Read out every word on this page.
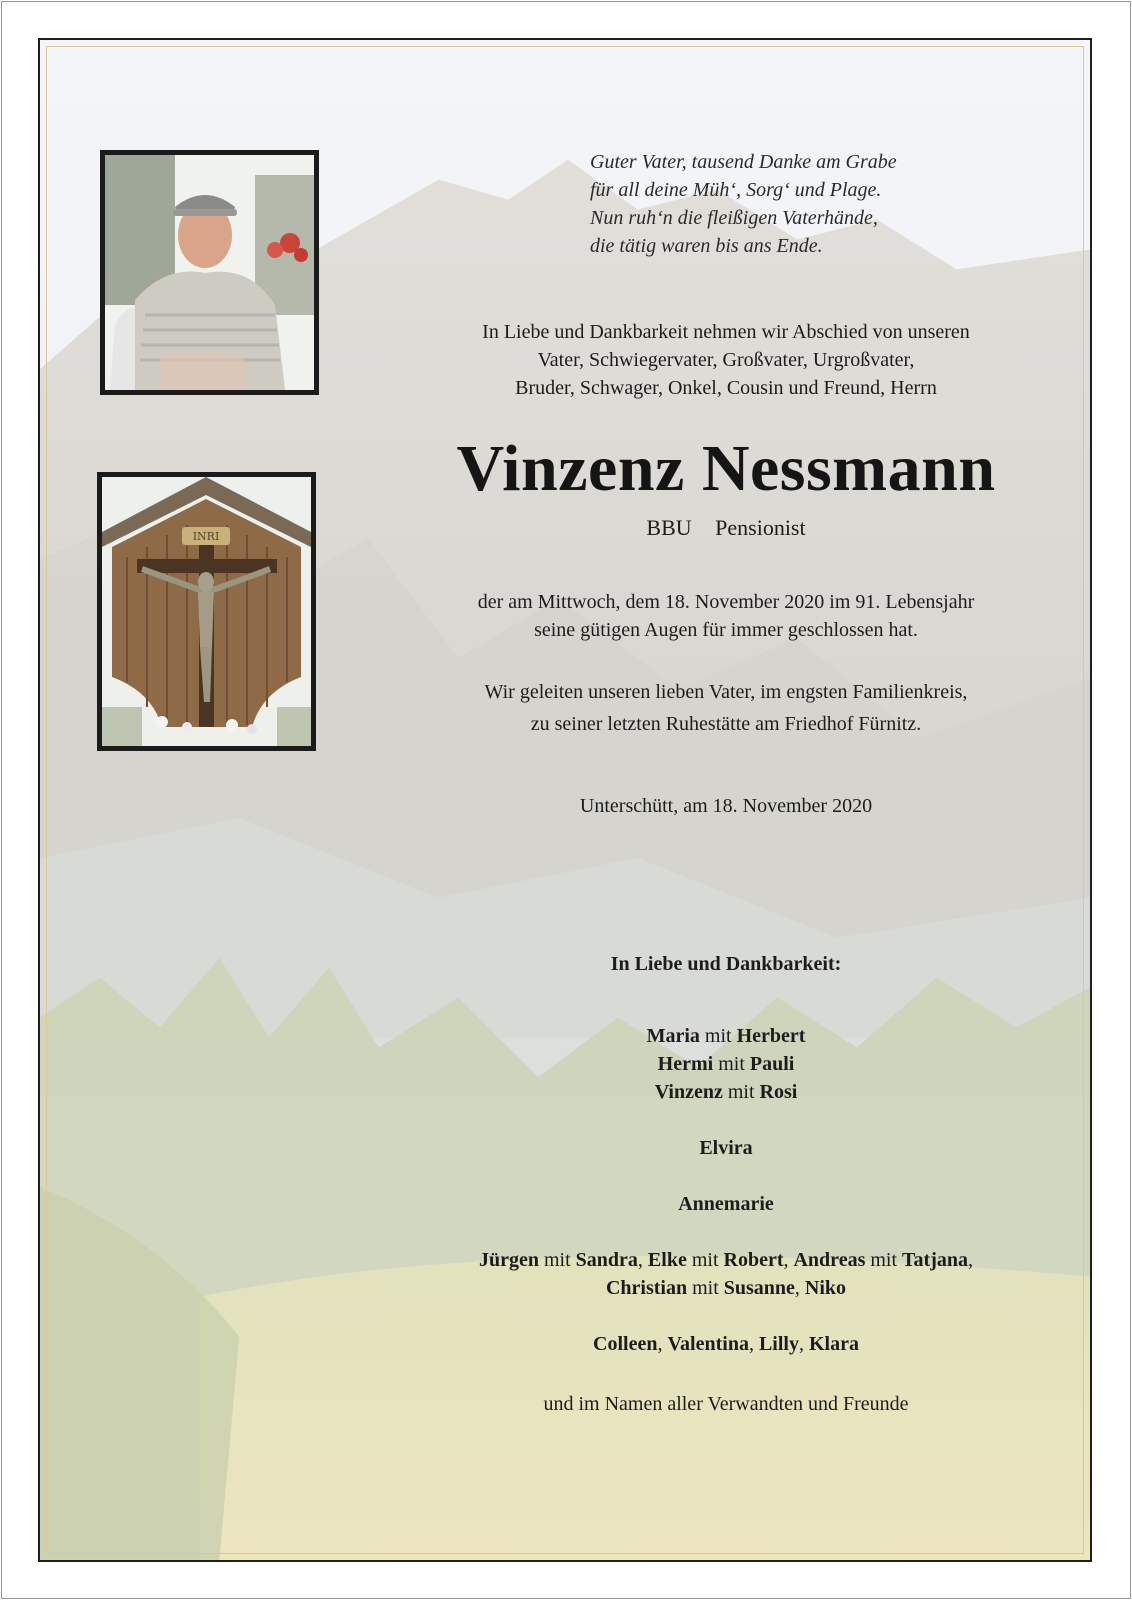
INRI
Guter Vater, tausend Danke am Grabe
für all deine Müh‘, Sorg‘ und Plage.
Nun ruh‘n die fleißigen Vaterhände,
die tätig waren bis ans Ende.
In Liebe und Dankbarkeit nehmen wir Abschied von unseren
Vater, Schwiegervater, Großvater, Urgroßvater,
Bruder, Schwager, Onkel, Cousin und Freund, Herrn
Vinzenz Nessmann
BBU Pensionist
der am Mittwoch, dem 18. November 2020 im 91. Lebensjahr
seine gütigen Augen für immer geschlossen hat.
Wir geleiten unseren lieben Vater, im engsten Familienkreis,
zu seiner letzten Ruhestätte am Friedhof Fürnitz.
Unterschütt, am 18. November 2020
In Liebe und Dankbarkeit:
Maria mit Herbert
Hermi mit Pauli
Vinzenz mit Rosi
Elvira
Annemarie
Jürgen mit Sandra, Elke mit Robert, Andreas mit Tatjana,
Christian mit Susanne, Niko
Colleen, Valentina, Lilly, Klara
und im Namen aller Verwandten und Freunde
